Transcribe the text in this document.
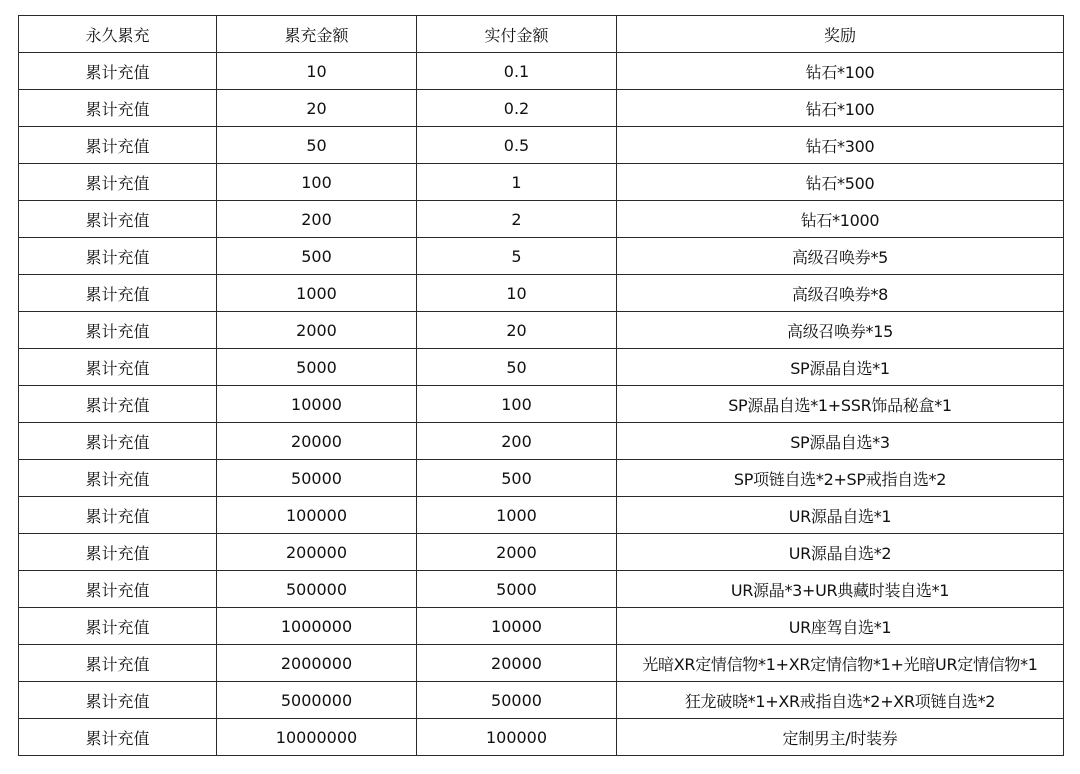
永久累充	累充金额	实付金额	奖励
累计充值	10	0.1	钻石*100
累计充值	20	0.2	钻石*100
累计充值	50	0.5	钻石*300
累计充值	100	1	钻石*500
累计充值	200	2	钻石*1000
累计充值	500	5	高级召唤券*5
累计充值	1000	10	高级召唤券*8
累计充值	2000	20	高级召唤券*15
累计充值	5000	50	SP源晶自选*1
累计充值	10000	100	SP源晶自选*1+SSR饰品秘盒*1
累计充值	20000	200	SP源晶自选*3
累计充值	50000	500	SP项链自选*2+SP戒指自选*2
累计充值	100000	1000	UR源晶自选*1
累计充值	200000	2000	UR源晶自选*2
累计充值	500000	5000	UR源晶*3+UR典藏时装自选*1
累计充值	1000000	10000	UR座驾自选*1
累计充值	2000000	20000	光暗XR定情信物*1+XR定情信物*1+光暗UR定情信物*1
累计充值	5000000	50000	狂龙破晓*1+XR戒指自选*2+XR项链自选*2
累计充值	10000000	100000	定制男主/时装券
